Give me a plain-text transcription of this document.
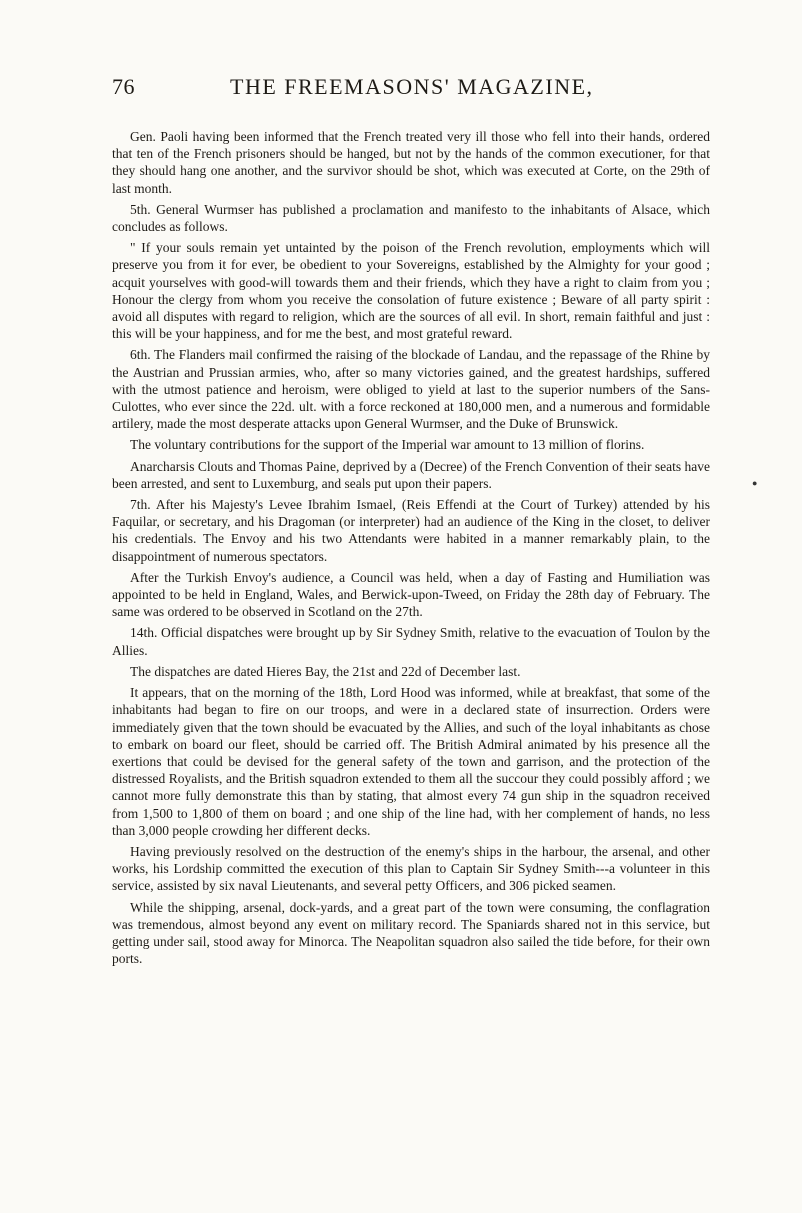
76	THE FREEMASONS' MAGAZINE,

Gen. Paoli having been informed that the French treated very ill those who fell into their hands, ordered that ten of the French prisoners should be hanged, but not by the hands of the common executioner, for that they should hang one another, and the survivor should be shot, which was executed at Corte, on the 29th of last month.

5th. General Wurmser has published a proclamation and manifesto to the inhabitants of Alsace, which concludes as follows.

" If your souls remain yet untainted by the poison of the French revolution, employments which will preserve you from it for ever, be obedient to your Sovereigns, established by the Almighty for your good ; acquit yourselves with good-will towards them and their friends, which they have a right to claim from you ; Honour the clergy from whom you receive the consolation of future existence ; Beware of all party spirit : avoid all disputes with regard to religion, which are the sources of all evil. In short, remain faithful and just : this will be your happiness, and for me the best, and most grateful reward.

6th. The Flanders mail confirmed the raising of the blockade of Landau, and the repassage of the Rhine by the Austrian and Prussian armies, who, after so many victories gained, and the greatest hardships, suffered with the utmost patience and heroism, were obliged to yield at last to the superior numbers of the Sans-Culottes, who ever since the 22d. ult. with a force reckoned at 180,000 men, and a numerous and formidable artilery, made the most desperate attacks upon General Wurmser, and the Duke of Brunswick.

The voluntary contributions for the support of the Imperial war amount to 13 million of florins.

Anarcharsis Clouts and Thomas Paine, deprived by a (Decree) of the French Convention of their seats have been arrested, and sent to Luxemburg, and seals put upon their papers.

7th. After his Majesty's Levee Ibrahim Ismael, (Reis Effendi at the Court of Turkey) attended by his Faquilar, or secretary, and his Dragoman (or interpreter) had an audience of the King in the closet, to deliver his credentials. The Envoy and his two Attendants were habited in a manner remarkably plain, to the disappointment of numerous spectators.

After the Turkish Envoy's audience, a Council was held, when a day of Fasting and Humiliation was appointed to be held in England, Wales, and Berwick-upon-Tweed, on Friday the 28th day of February. The same was ordered to be observed in Scotland on the 27th.

14th. Official dispatches were brought up by Sir Sydney Smith, relative to the evacuation of Toulon by the Allies.

The dispatches are dated Hieres Bay, the 21st and 22d of December last.

It appears, that on the morning of the 18th, Lord Hood was informed, while at breakfast, that some of the inhabitants had began to fire on our troops, and were in a declared state of insurrection. Orders were immediately given that the town should be evacuated by the Allies, and such of the loyal inhabitants as chose to embark on board our fleet, should be carried off. The British Admiral animated by his presence all the exertions that could be devised for the general safety of the town and garrison, and the protection of the distressed Royalists, and the British squadron extended to them all the succour they could possibly afford ; we cannot more fully demonstrate this than by stating, that almost every 74 gun ship in the squadron received from 1,500 to 1,800 of them on board ; and one ship of the line had, with her complement of hands, no less than 3,000 people crowding her different decks.

Having previously resolved on the destruction of the enemy's ships in the harbour, the arsenal, and other works, his Lordship committed the execution of this plan to Captain Sir Sydney Smith---a volunteer in this service, assisted by six naval Lieutenants, and several petty Officers, and 306 picked seamen.

While the shipping, arsenal, dock-yards, and a great part of the town were consuming, the conflagration was tremendous, almost beyond any event on military record. The Spaniards shared not in this service, but getting under sail, stood away for Minorca. The Neapolitan squadron also sailed the tide before, for their own ports.

●
